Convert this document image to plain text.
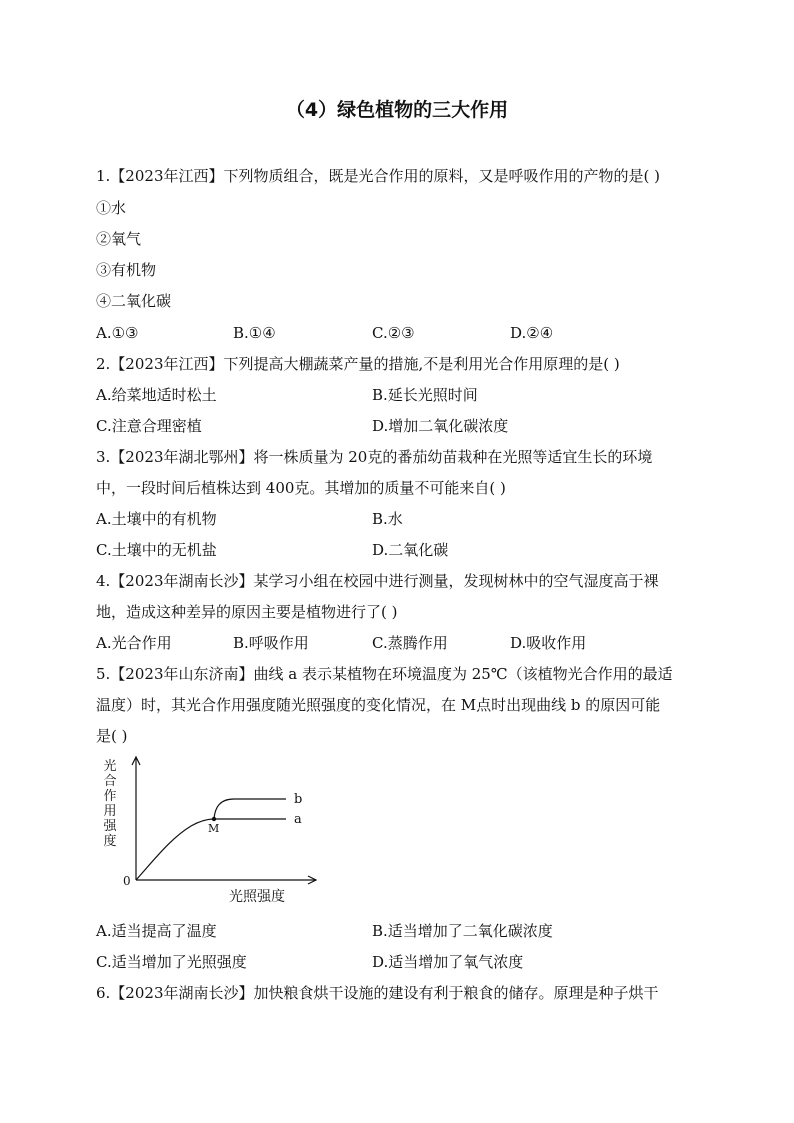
（4）绿色植物的三大作用
1.【2023年江西】下列物质组合，既是光合作用的原料，又是呼吸作用的产物的是( )
①水
②氧气
③有机物
④二氧化碳
A.①③	B.①④	C.②③	D.②④
2.【2023年江西】下列提高大棚蔬菜产量的措施,不是利用光合作用原理的是( )
A.给菜地适时松土	B.延长光照时间
C.注意合理密植	D.增加二氧化碳浓度
3.【2023年湖北鄂州】将一株质量为 20克的番茄幼苗栽种在光照等适宜生长的环境
中，一段时间后植株达到 400克。其增加的质量不可能来自( )
A.土壤中的有机物	B.水
C.土壤中的无机盐	D.二氧化碳
4.【2023年湖南长沙】某学习小组在校园中进行测量，发现树林中的空气湿度高于裸
地，造成这种差异的原因主要是植物进行了( )
A.光合作用	B.呼吸作用	C.蒸腾作用	D.吸收作用
5.【2023年山东济南】曲线 a 表示某植物在环境温度为 25℃（该植物光合作用的最适
温度）时，其光合作用强度随光照强度的变化情况，在 M点时出现曲线 b 的原因可能
是( )
光
合
作
用
强
度
0
M
a
b
光照强度
A.适当提高了温度	B.适当增加了二氧化碳浓度
C.适当增加了光照强度	D.适当增加了氧气浓度
6.【2023年湖南长沙】加快粮食烘干设施的建设有利于粮食的储存。原理是种子烘干
